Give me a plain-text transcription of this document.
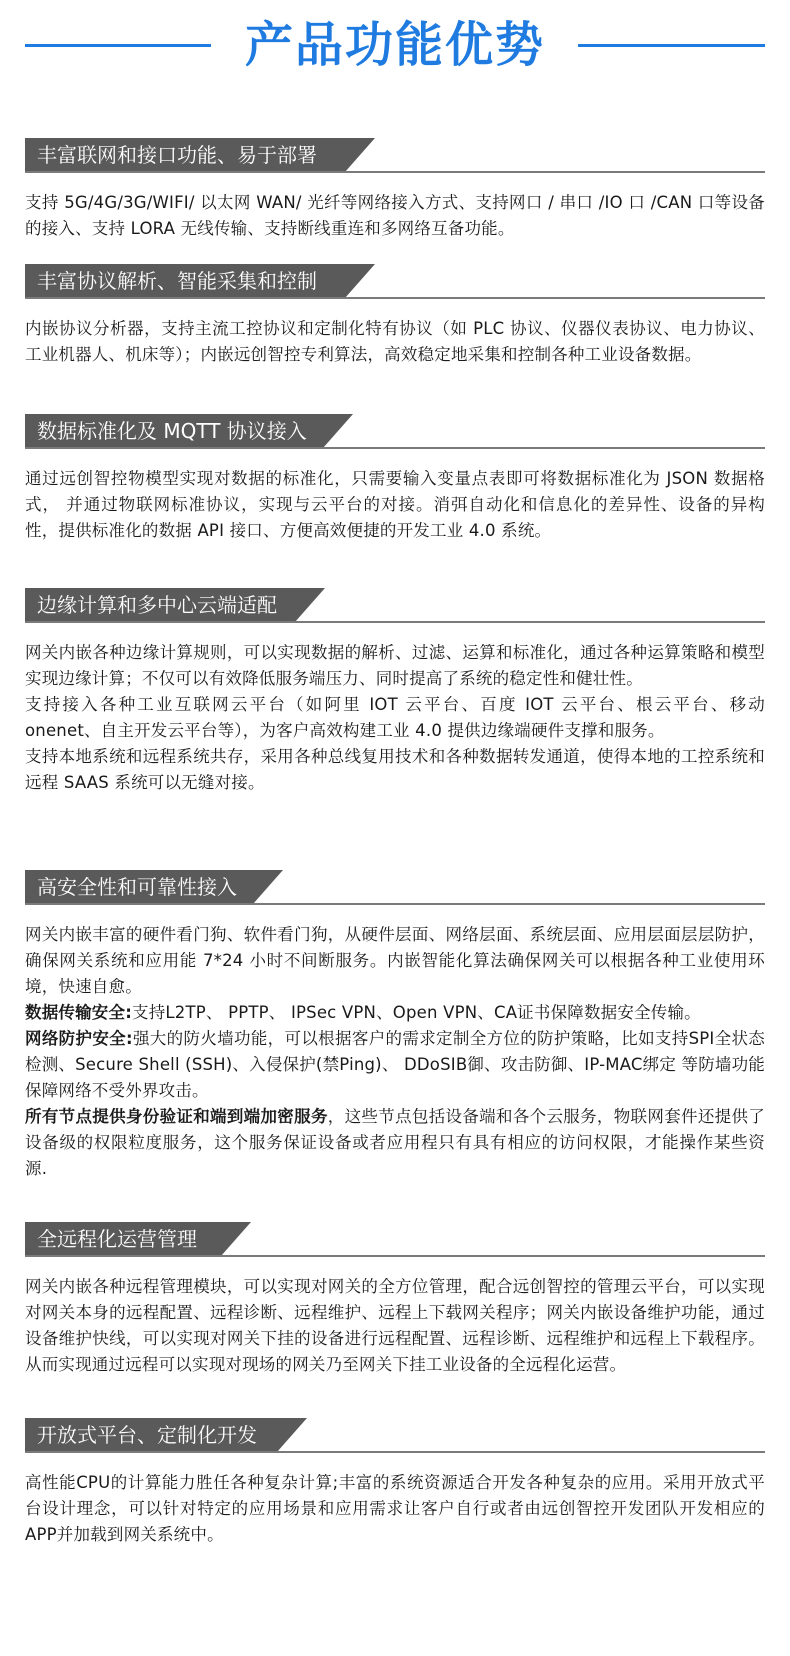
产品功能优势
丰富联网和接口功能、易于部署

支持 5G/4G/3G/WIFI/ 以太网 WAN/ 光纤等网络接入方式、支持网口 / 串口 /IO 口 /CAN 口等设备的接入、支持 LORA 无线传输、支持断线重连和多网络互备功能。

丰富协议解析、智能采集和控制

内嵌协议分析器，支持主流工控协议和定制化特有协议（如 PLC 协议、仪器仪表协议、电力协议、工业机器人、机床等）；内嵌远创智控专利算法，高效稳定地采集和控制各种工业设备数据。

数据标准化及 MQTT 协议接入

通过远创智控物模型实现对数据的标准化，只需要输入变量点表即可将数据标准化为 JSON 数据格式， 并通过物联网标准协议，实现与云平台的对接。消弭自动化和信息化的差异性、设备的异构性，提供标准化的数据 API 接口、方便高效便捷的开发工业 4.0 系统。

边缘计算和多中心云端适配

网关内嵌各种边缘计算规则，可以实现数据的解析、过滤、运算和标准化，通过各种运算策略和模型实现边缘计算；不仅可以有效降低服务端压力、同时提高了系统的稳定性和健壮性。

支持接入各种工业互联网云平台（如阿里 IOT 云平台、百度 IOT 云平台、根云平台、移动 onenet、自主开发云平台等），为客户高效构建工业 4.0 提供边缘端硬件支撑和服务。

支持本地系统和远程系统共存，采用各种总线复用技术和各种数据转发通道，使得本地的工控系统和远程 SAAS 系统可以无缝对接。

高安全性和可靠性接入

网关内嵌丰富的硬件看门狗、软件看门狗，从硬件层面、网络层面、系统层面、应用层面层层防护， 确保网关系统和应用能 7*24 小时不间断服务。内嵌智能化算法确保网关可以根据各种工业使用环境，快速自愈。

数据传输安全:支持L2TP、 PPTP、 IPSec VPN、Open VPN、CA证书保障数据安全传输。

网络防护安全:强大的防火墙功能，可以根据客户的需求定制全方位的防护策略，比如支持SPI全状态检测、Secure Shell (SSH)、入侵保护(禁Ping)、 DDoSIB御、攻击防御、IP-MAC绑定 等防墙功能保障网络不受外界攻击。

所有节点提供身份验证和端到端加密服务，这些节点包括设备端和各个云服务，物联网套件还提供了设备级的权限粒度服务，这个服务保证设备或者应用程只有具有相应的访问权限，才能操作某些资源.

全远程化运营管理

网关内嵌各种远程管理模块，可以实现对网关的全方位管理，配合远创智控的管理云平台，可以实现对网关本身的远程配置、远程诊断、远程维护、远程上下载网关程序；网关内嵌设备维护功能，通过设备维护快线，可以实现对网关下挂的设备进行远程配置、远程诊断、远程维护和远程上下载程序。从而实现通过远程可以实现对现场的网关乃至网关下挂工业设备的全远程化运营。

开放式平台、定制化开发

高性能CPU的计算能力胜任各种复杂计算;丰富的系统资源适合开发各种复杂的应用。采用开放式平台设计理念，可以针对特定的应用场景和应用需求让客户自行或者由远创智控开发团队开发相应的APP并加载到网关系统中。
